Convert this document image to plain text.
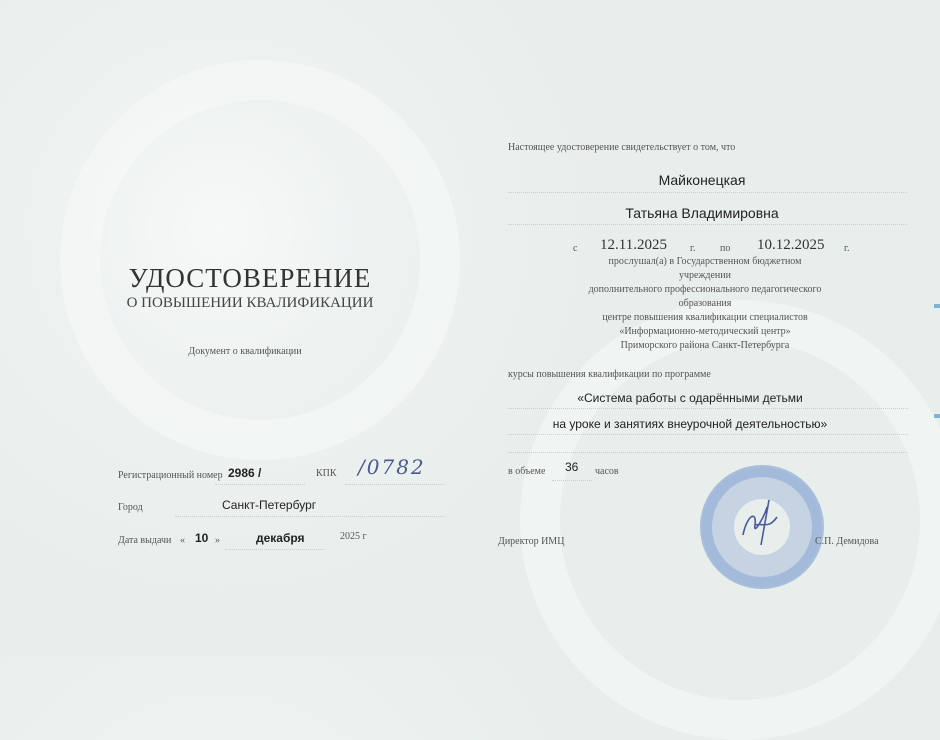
УДОСТОВЕРЕНИЕ
О ПОВЫШЕНИИ КВАЛИФИКАЦИИ
Документ о квалификации
Регистрационный номер 2986 /	КПК /0782
Город	Санкт-Петербург
Дата выдачи « 10 »	декабря	2025 г
Настоящее удостоверение свидетельствует о том, что
Майконецкая
Татьяна Владимировна
с 12.11.2025 г. по 10.12.2025 г.
прослушал(а) в Государственном бюджетном учреждении
дополнительного профессионального педагогического образования
центре повышения квалификации специалистов
«Информационно-методический центр»
Приморского района Санкт-Петербурга
курсы повышения квалификации по программе
«Система работы с одарёнными детьми
на уроке и занятиях внеурочной деятельностью»
в объеме 36 часов
Директор ИМЦ	С.П. Демидова
